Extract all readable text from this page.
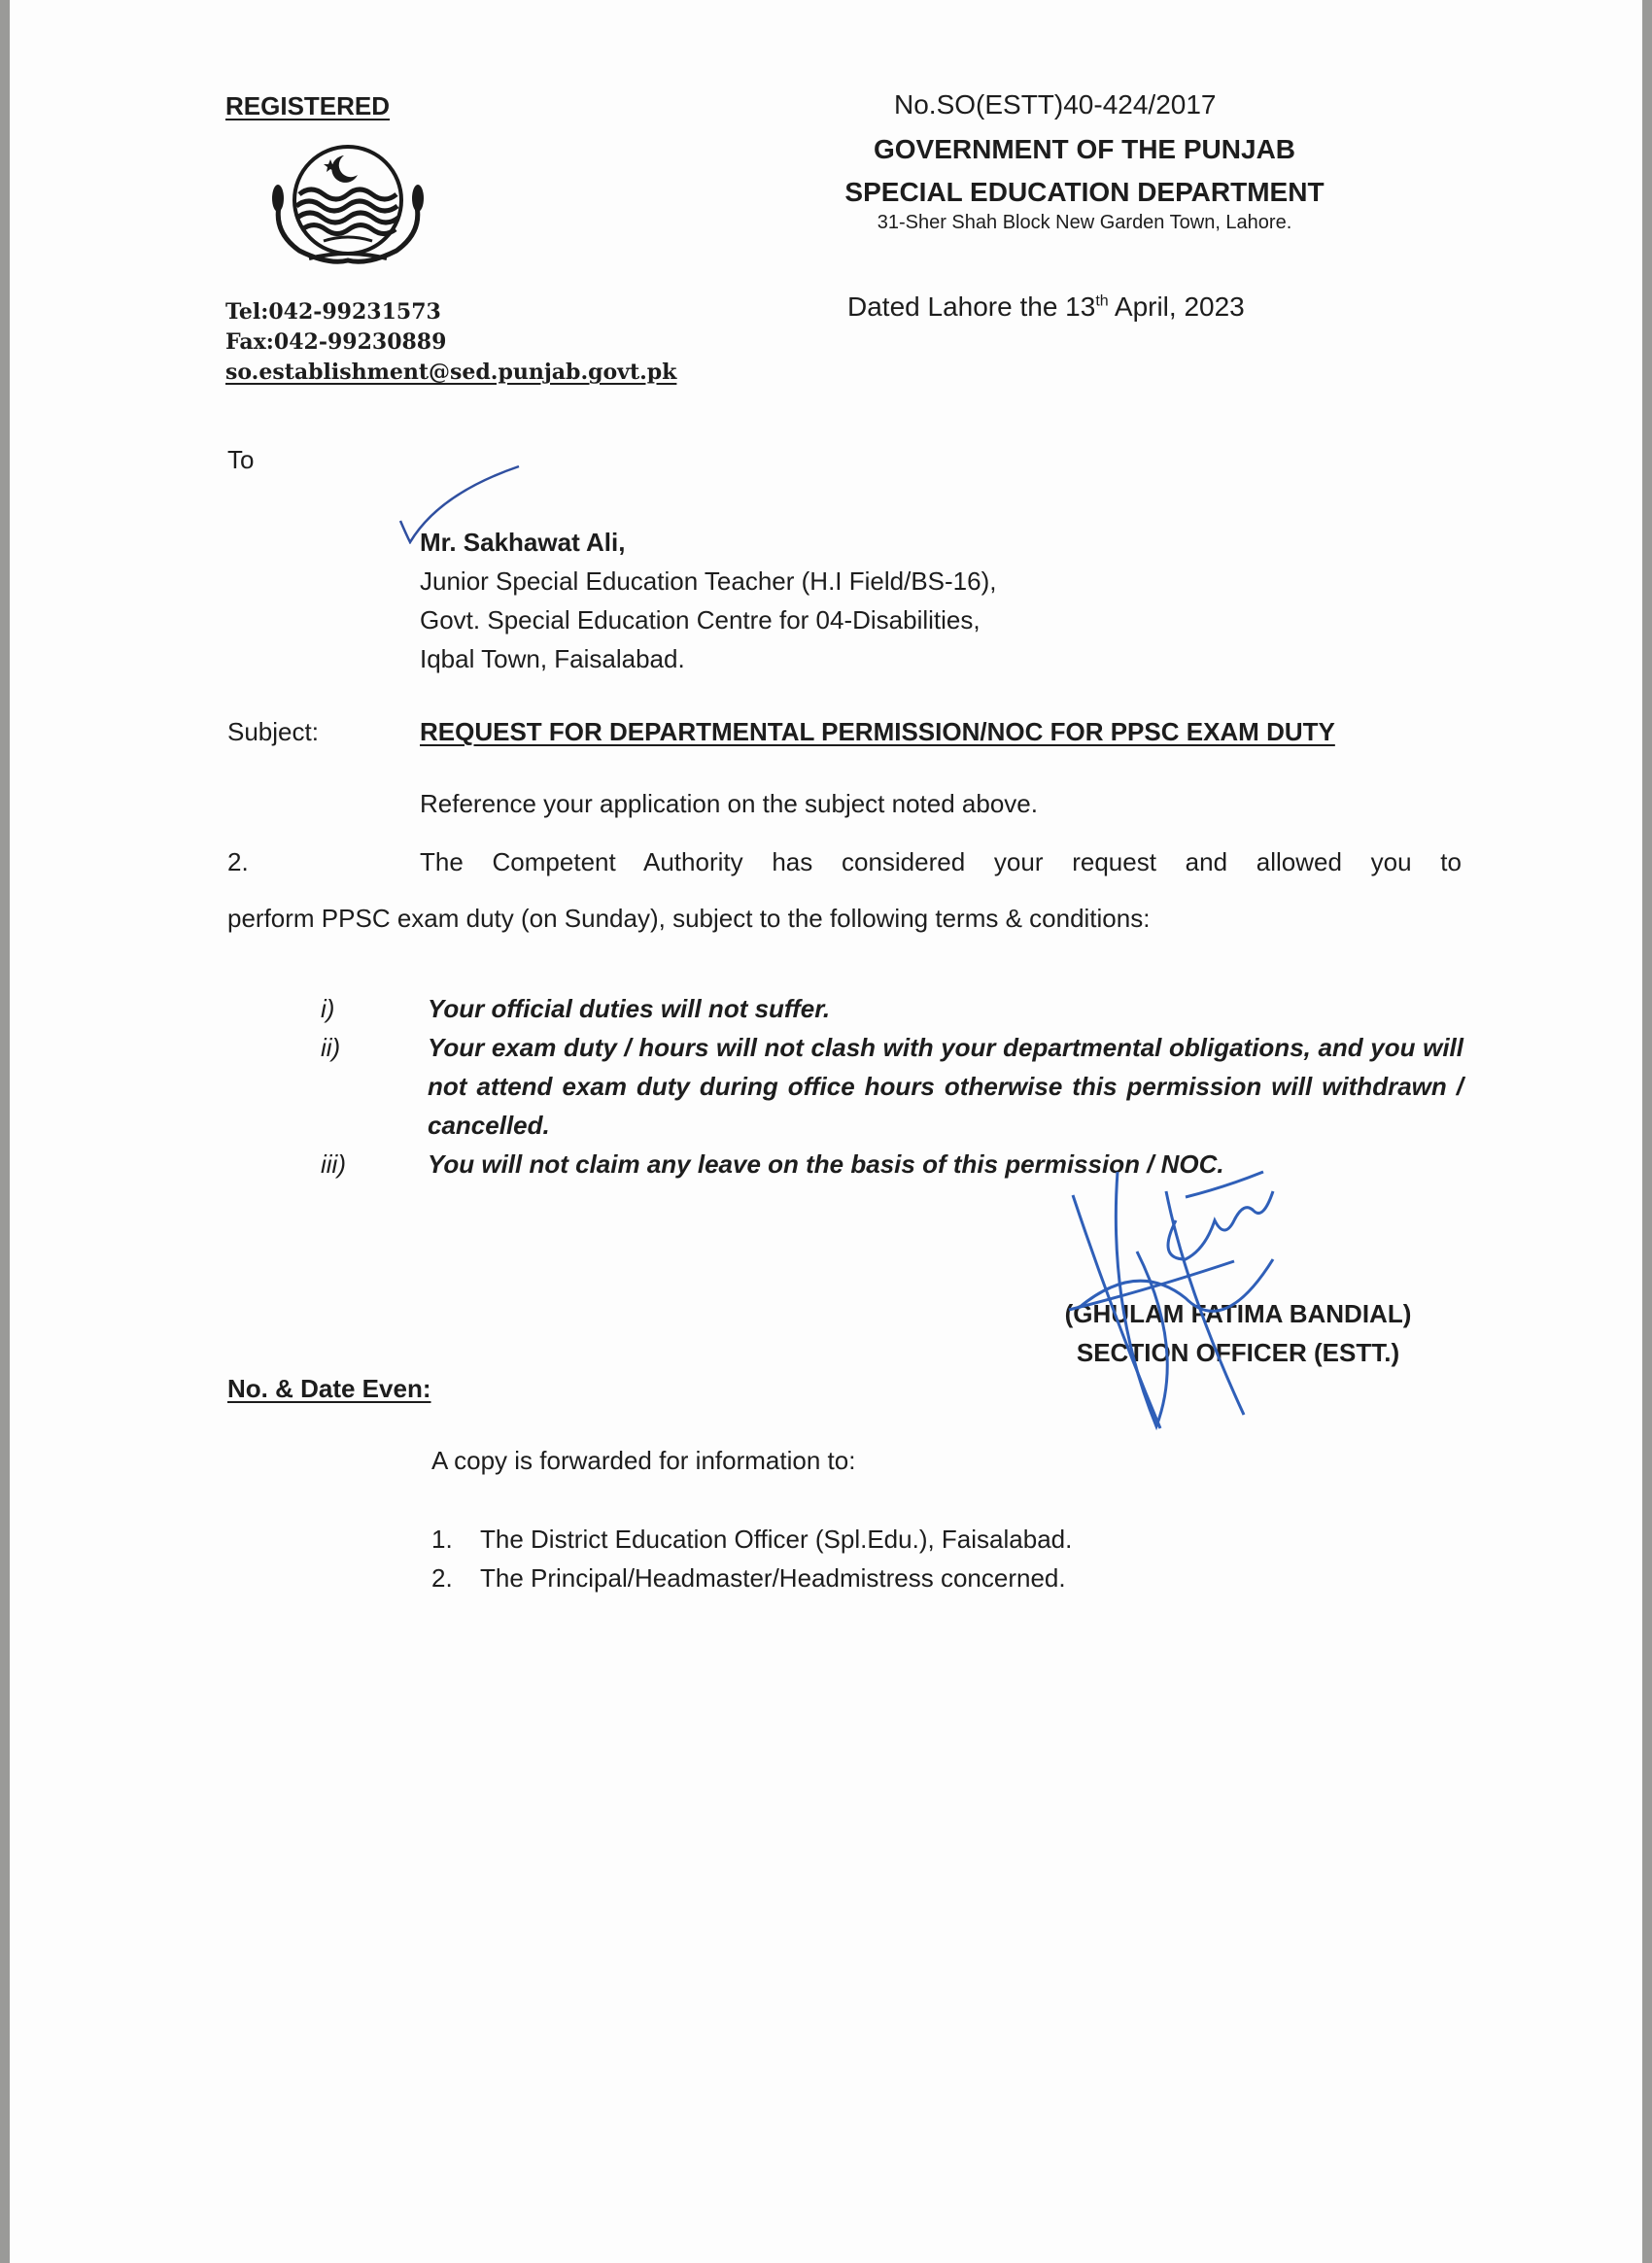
REGISTERED
Tel:042-99231573
Fax:042-99230889
so.establishment@sed.punjab.govt.pk
No.SO(ESTT)40-424/2017
GOVERNMENT OF THE PUNJAB
SPECIAL EDUCATION DEPARTMENT
31-Sher Shah Block New Garden Town, Lahore.
Dated Lahore the 13th April, 2023
To
Mr. Sakhawat Ali,
Junior Special Education Teacher (H.I Field/BS-16),
Govt. Special Education Centre for 04-Disabilities,
Iqbal Town, Faisalabad.
Subject:	REQUEST FOR DEPARTMENTAL PERMISSION/NOC FOR PPSC EXAM DUTY
Reference your application on the subject noted above.
2.	The Competent Authority has considered your request and allowed you to
perform PPSC exam duty (on Sunday), subject to the following terms & conditions:
i)	Your official duties will not suffer.
ii)	Your exam duty / hours will not clash with your departmental obligations, and you will not attend exam duty during office hours otherwise this permission will withdrawn / cancelled.
iii)	You will not claim any leave on the basis of this permission / NOC.
(GHULAM FATIMA BANDIAL)
SECTION OFFICER (ESTT.)
No. & Date Even:
A copy is forwarded for information to:
1. The District Education Officer (Spl.Edu.), Faisalabad.
2. The Principal/Headmaster/Headmistress concerned.
